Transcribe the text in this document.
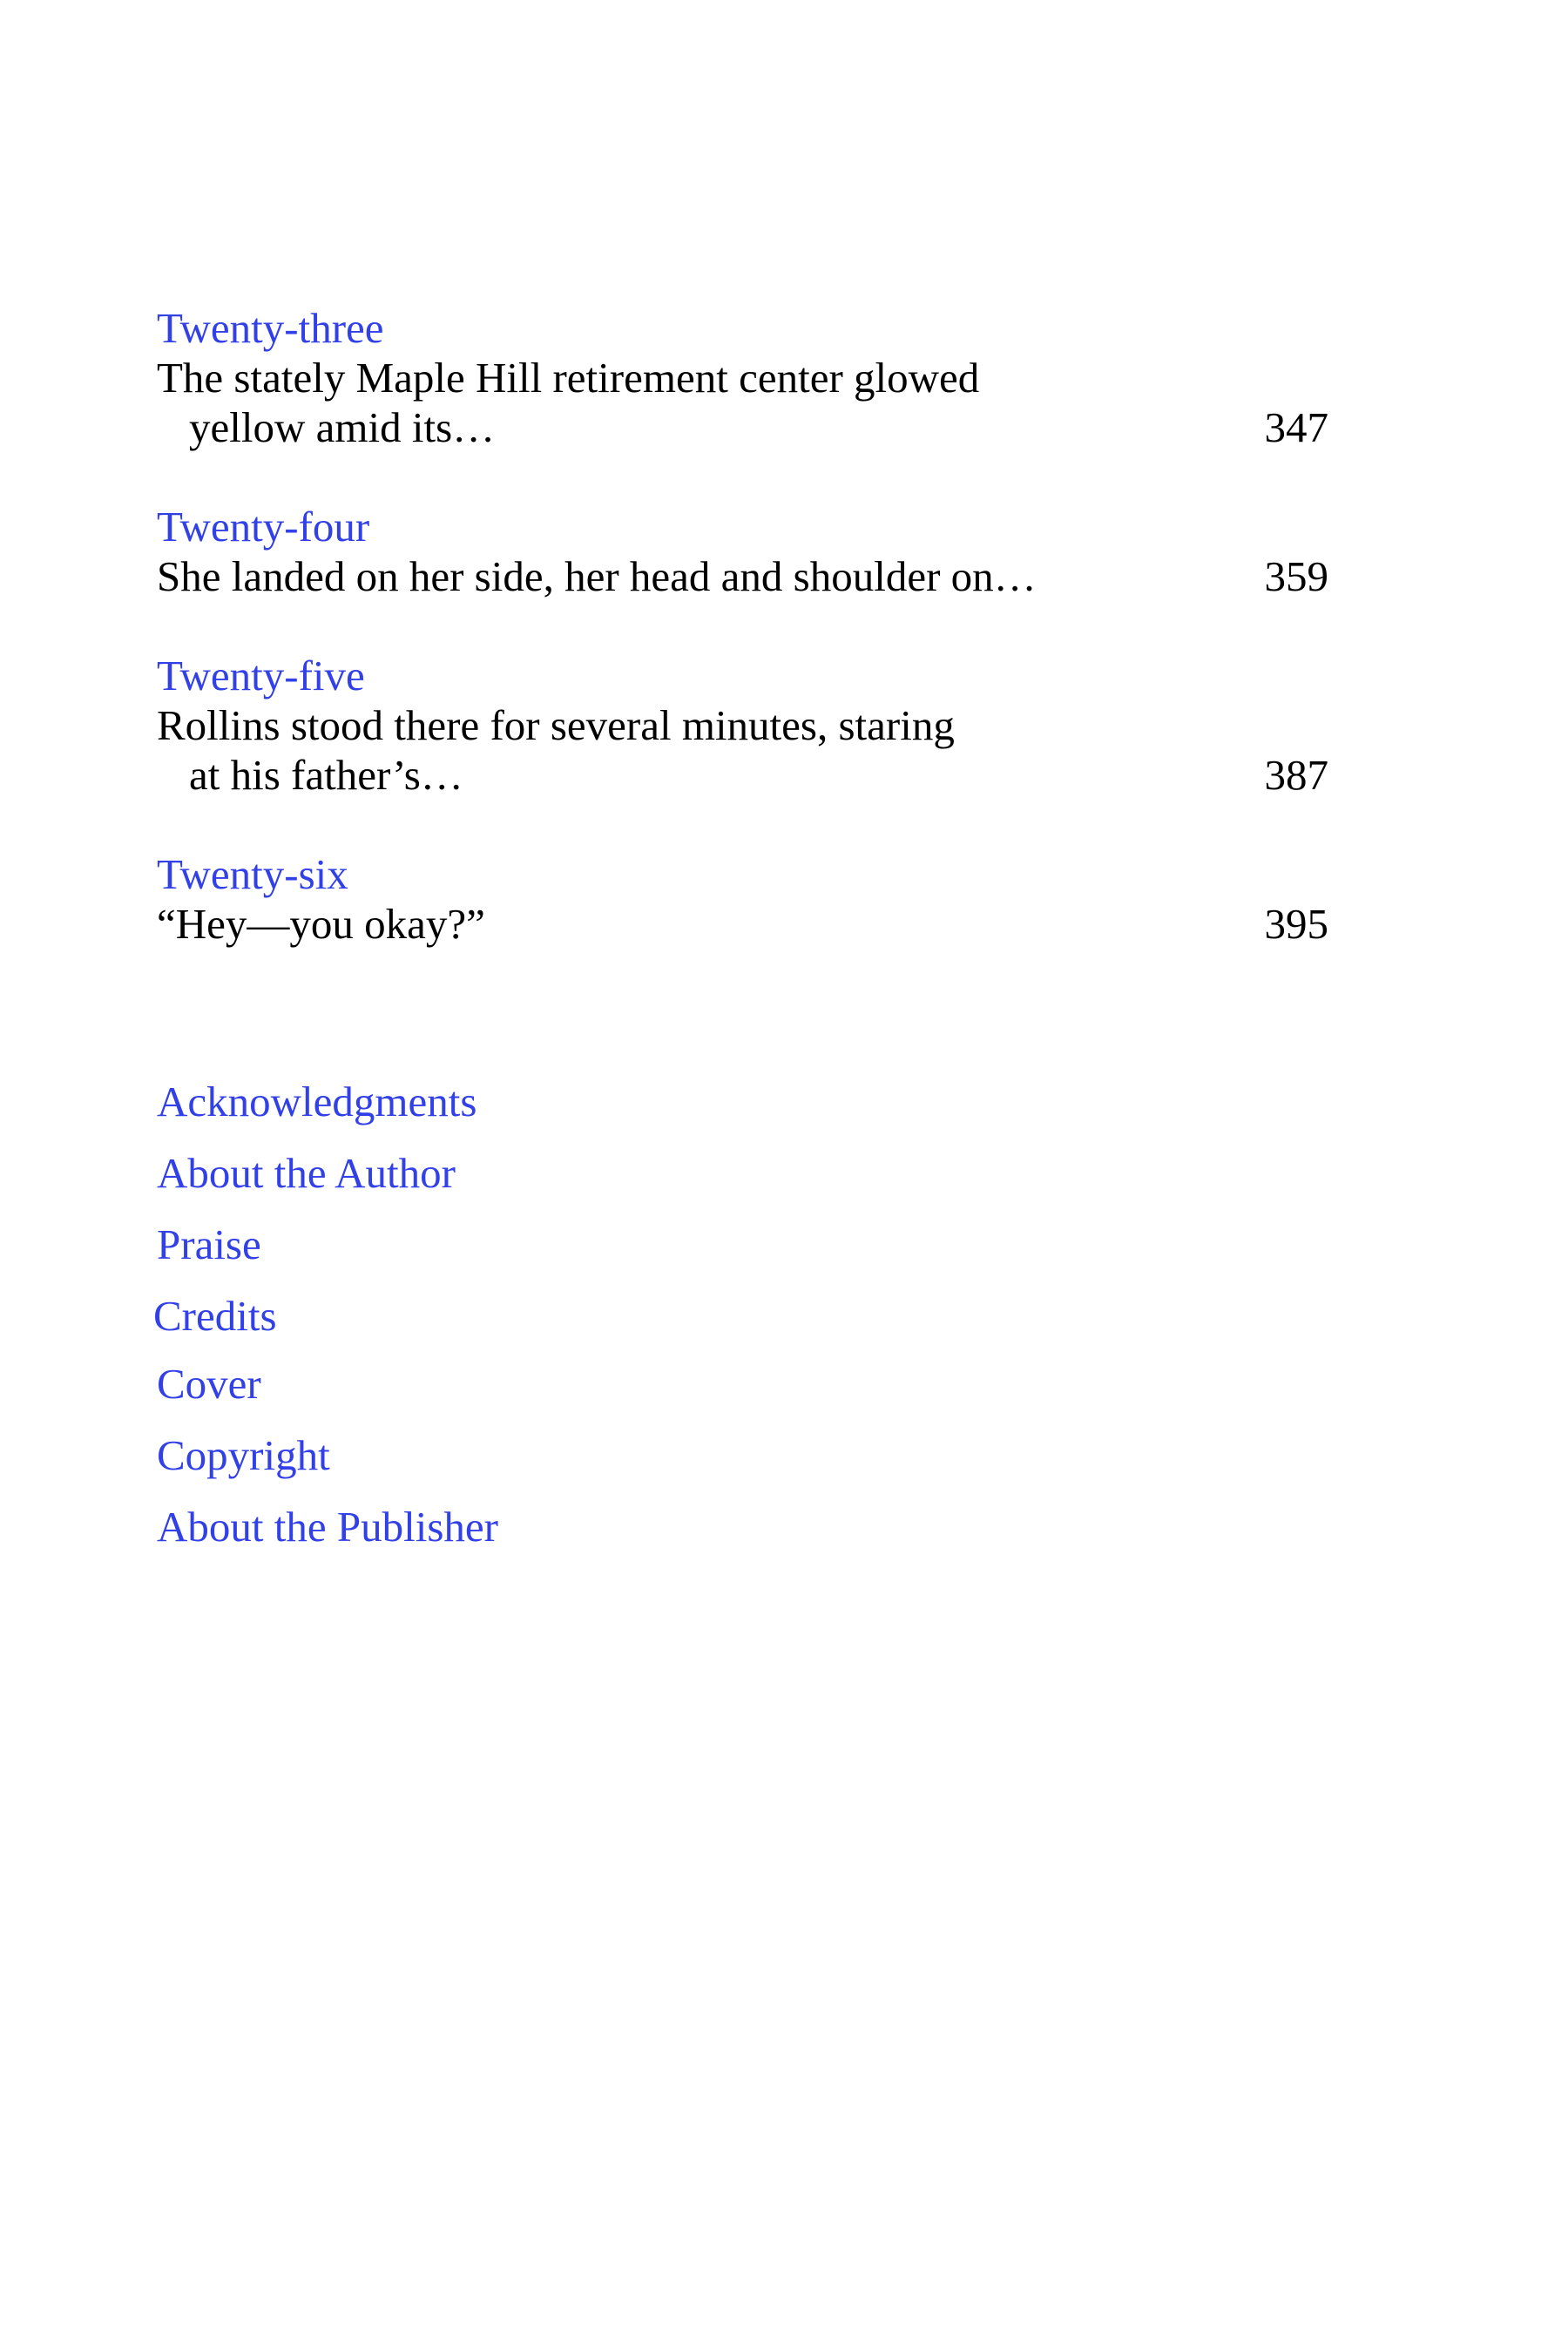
Twenty-three
The stately Maple Hill retirement center glowed
yellow amid its…	347
Twenty-four
She landed on her side, her head and shoulder on…	359
Twenty-five
Rollins stood there for several minutes, staring
at his father’s…	387
Twenty-six
“Hey—you okay?”	395
Acknowledgments
About the Author
Praise
Credits
Cover
Copyright
About the Publisher
